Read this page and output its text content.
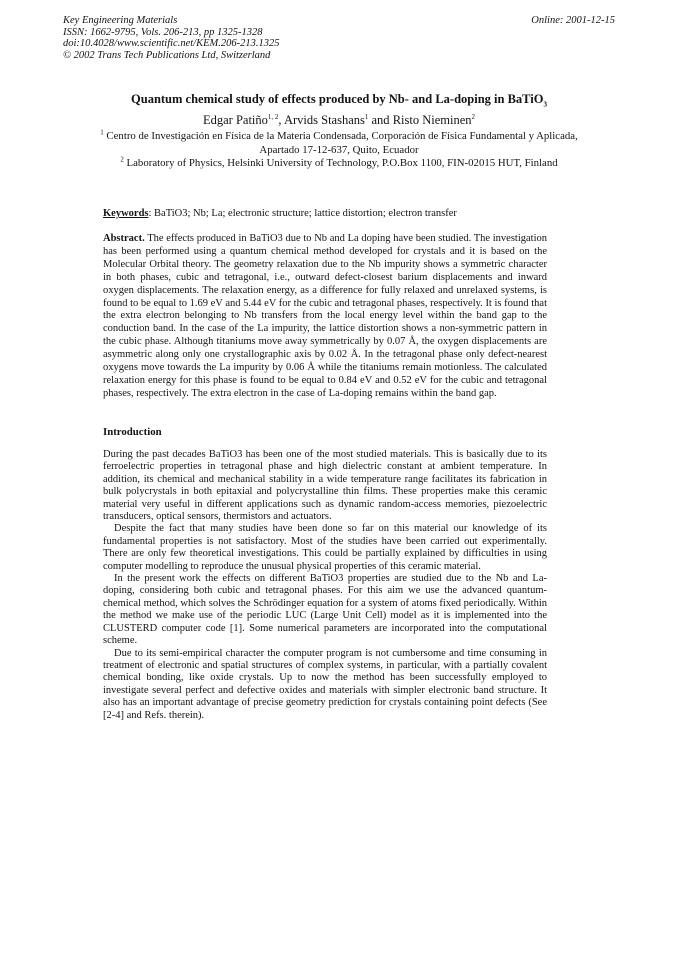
Key Engineering Materials
ISSN: 1662-9795, Vols. 206-213, pp 1325-1328
doi:10.4028/www.scientific.net/KEM.206-213.1325
© 2002 Trans Tech Publications Ltd, Switzerland
Online: 2001-12-15
Quantum chemical study of effects produced by Nb- and La-doping in BaTiO$_3$
Edgar Patiño$^{1, 2}$, Arvids Stashans$^1$ and Risto Nieminen$^2$
$^1$ Centro de Investigación en Física de la Materia Condensada, Corporación de Física Fundamental y Aplicada, Apartado 17-12-637, Quito, Ecuador
$^2$ Laboratory of Physics, Helsinki University of Technology, P.O.Box 1100, FIN-02015 HUT, Finland
Keywords: BaTiO3; Nb; La; electronic structure; lattice distortion; electron transfer

Abstract. The effects produced in BaTiO3 due to Nb and La doping have been studied. The investigation has been performed using a quantum chemical method developed for crystals and it is based on the Molecular Orbital theory. The geometry relaxation due to the Nb impurity shows a symmetric character in both phases, cubic and tetragonal, i.e., outward defect-closest barium displacements and inward oxygen displacements. The relaxation energy, as a difference for fully relaxed and unrelaxed systems, is found to be equal to 1.69 eV and 5.44 eV for the cubic and tetragonal phases, respectively. It is found that the extra electron belonging to Nb transfers from the local energy level within the band gap to the conduction band. In the case of the La impurity, the lattice distortion shows a non-symmetric pattern in the cubic phase. Although titaniums move away symmetrically by 0.07 Å, the oxygen displacements are asymmetric along only one crystallographic axis by 0.02 Å. In the tetragonal phase only defect-nearest oxygens move towards the La impurity by 0.06 Å while the titaniums remain motionless. The calculated relaxation energy for this phase is found to be equal to 0.84 eV and 0.52 eV for the cubic and tetragonal phases, respectively. The extra electron in the case of La-doping remains within the band gap.

Introduction

During the past decades BaTiO3 has been one of the most studied materials. This is basically due to its ferroelectric properties in tetragonal phase and high dielectric constant at ambient temperature. In addition, its chemical and mechanical stability in a wide temperature range facilitates its fabrication in bulk polycrystals in both epitaxial and polycrystalline thin films. These properties make this ceramic material very useful in different applications such as dynamic random-access memories, piezoelectric transducers, optical sensors, thermistors and actuators.

Despite the fact that many studies have been done so far on this material our knowledge of its fundamental properties is not satisfactory. Most of the studies have been carried out experimentally. There are only few theoretical investigations. This could be partially explained by difficulties in using computer modelling to reproduce the unusual physical properties of this ceramic material.

In the present work the effects on different BaTiO3 properties are studied due to the Nb and La-doping, considering both cubic and tetragonal phases. For this aim we use the advanced quantum-chemical method, which solves the Schrödinger equation for a system of atoms fixed periodically. Within the method we make use of the periodic LUC (Large Unit Cell) model as it is implemented into the CLUSTERD computer code [1]. Some numerical parameters are incorporated into the computational scheme.

Due to its semi-empirical character the computer program is not cumbersome and time consuming in treatment of electronic and spatial structures of complex systems, in particular, with a partially covalent chemical bonding, like oxide crystals. Up to now the method has been successfully employed to investigate several perfect and defective oxides and materials with simpler electronic band structure. It also has an important advantage of precise geometry prediction for crystals containing point defects (See [2-4] and Refs. therein).
